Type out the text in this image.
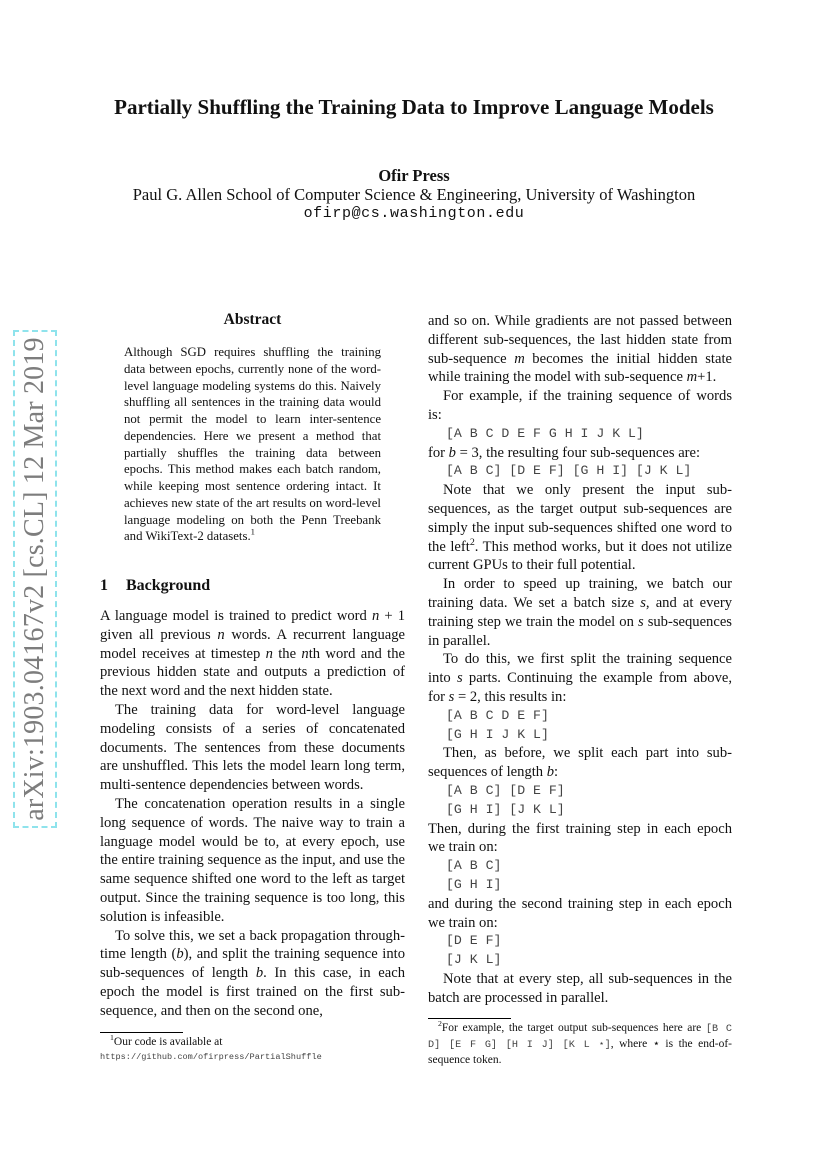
Partially Shuffling the Training Data to Improve Language Models
Ofir Press
Paul G. Allen School of Computer Science & Engineering, University of Washington
ofirp@cs.washington.edu
arXiv:1903.04167v2 [cs.CL] 12 Mar 2019
Abstract
Although SGD requires shuffling the training data between epochs, currently none of the word-level language modeling systems do this. Naively shuffling all sentences in the training data would not permit the model to learn inter-sentence dependencies. Here we present a method that partially shuffles the training data between epochs. This method makes each batch random, while keeping most sentence ordering intact. It achieves new state of the art results on word-level language modeling on both the Penn Treebank and WikiText-2 datasets.$^1$
1 Background

A language model is trained to predict word n + 1 given all previous n words. A recurrent language model receives at timestep n the nth word and the previous hidden state and outputs a prediction of the next word and the next hidden state.

The training data for word-level language modeling consists of a series of concatenated documents. The sentences from these documents are unshuffled. This lets the model learn long term, multi-sentence dependencies between words.

The concatenation operation results in a single long sequence of words. The naive way to train a language model would be to, at every epoch, use the entire training sequence as the input, and use the same sequence shifted one word to the left as target output. Since the training sequence is too long, this solution is infeasible.

To solve this, we set a back propagation through-time length (b), and split the training sequence into sub-sequences of length b. In this case, in each epoch the model is first trained on the first sub-sequence, and then on the second one,

$^1$ Our code is available at
https://github.com/ofirpress/PartialShuffle

and so on. While gradients are not passed between different sub-sequences, the last hidden state from sub-sequence m becomes the initial hidden state while training the model with sub-sequence m+1.

For example, if the training sequence of words is:

[A B C D E F G H I J K L]

for b = 3, the resulting four sub-sequences are:

[A B C] [D E F] [G H I] [J K L]

Note that we only present the input sub-sequences, as the target output sub-sequences are simply the input sub-sequences shifted one word to the left$^2$. This method works, but it does not utilize current GPUs to their full potential.

In order to speed up training, we batch our training data. We set a batch size s, and at every training step we train the model on s sub-sequences in parallel.

To do this, we first split the training sequence into s parts. Continuing the example from above, for s = 2, this results in:

[A B C D E F]
[G H I J K L]

Then, as before, we split each part into sub-sequences of length b:

[A B C] [D E F]
[G H I] [J K L]

Then, during the first training step in each epoch we train on:

[A B C]
[G H I]

and during the second training step in each epoch we train on:

[D E F]
[J K L]

Note that at every step, all sub-sequences in the batch are processed in parallel.

$^2$For example, the target output sub-sequences here are [B C D] [E F G] [H I J] [K L ⋆], where ⋆ is the end-of-sequence token.
